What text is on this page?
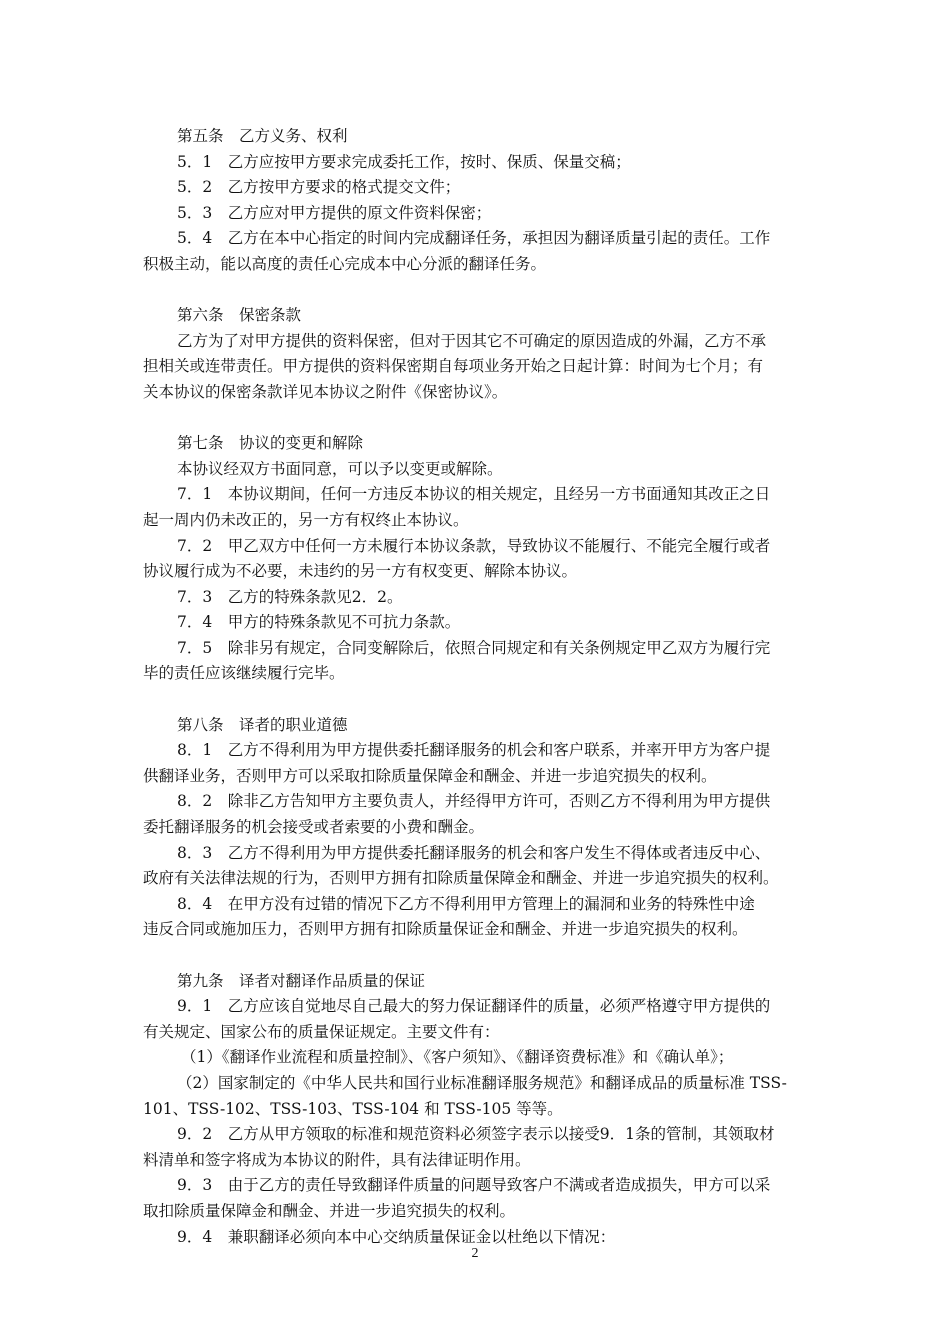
第五条　乙方义务、权利
5．1　乙方应按甲方要求完成委托工作，按时、保质、保量交稿；
5．2　乙方按甲方要求的格式提交文件；
5．3　乙方应对甲方提供的原文件资料保密；
5．4　乙方在本中心指定的时间内完成翻译任务，承担因为翻译质量引起的责任。工作
积极主动，能以高度的责任心完成本中心分派的翻译任务。
第六条　保密条款
乙方为了对甲方提供的资料保密，但对于因其它不可确定的原因造成的外漏，乙方不承
担相关或连带责任。甲方提供的资料保密期自每项业务开始之日起计算：时间为七个月；有
关本协议的保密条款详见本协议之附件《保密协议》。
第七条　协议的变更和解除
本协议经双方书面同意，可以予以变更或解除。
7．1　本协议期间，任何一方违反本协议的相关规定，且经另一方书面通知其改正之日
起一周内仍未改正的，另一方有权终止本协议。
7．2　甲乙双方中任何一方未履行本协议条款，导致协议不能履行、不能完全履行或者
协议履行成为不必要，未违约的另一方有权变更、解除本协议。
7．3　乙方的特殊条款见2．2。
7．4　甲方的特殊条款见不可抗力条款。
7．5　除非另有规定，合同变解除后，依照合同规定和有关条例规定甲乙双方为履行完
毕的责任应该继续履行完毕。
第八条　译者的职业道德
8．1　乙方不得利用为甲方提供委托翻译服务的机会和客户联系，并率开甲方为客户提
供翻译业务，否则甲方可以采取扣除质量保障金和酬金、并进一步追究损失的权利。
8．2　除非乙方告知甲方主要负责人，并经得甲方许可，否则乙方不得利用为甲方提供
委托翻译服务的机会接受或者索要的小费和酬金。
8．3　乙方不得利用为甲方提供委托翻译服务的机会和客户发生不得体或者违反中心、
政府有关法律法规的行为，否则甲方拥有扣除质量保障金和酬金、并进一步追究损失的权利。
8．4　在甲方没有过错的情况下乙方不得利用甲方管理上的漏洞和业务的特殊性中途
违反合同或施加压力，否则甲方拥有扣除质量保证金和酬金、并进一步追究损失的权利。
第九条　译者对翻译作品质量的保证
9．1　乙方应该自觉地尽自己最大的努力保证翻译件的质量，必须严格遵守甲方提供的
有关规定、国家公布的质量保证规定。主要文件有：
（1）《翻译作业流程和质量控制》、《客户须知》、《翻译资费标准》和《确认单》；
（2）国家制定的《中华人民共和国行业标准翻译服务规范》和翻译成品的质量标准 TSS-
101、TSS-102、TSS-103、TSS-104 和 TSS-105 等等。
9．2　乙方从甲方领取的标准和规范资料必须签字表示以接受9．1条的管制，其领取材
料清单和签字将成为本协议的附件，具有法律证明作用。
9．3　由于乙方的责任导致翻译件质量的问题导致客户不满或者造成损失，甲方可以采
取扣除质量保障金和酬金、并进一步追究损失的权利。
9．4　兼职翻译必须向本中心交纳质量保证金以杜绝以下情况：
2
